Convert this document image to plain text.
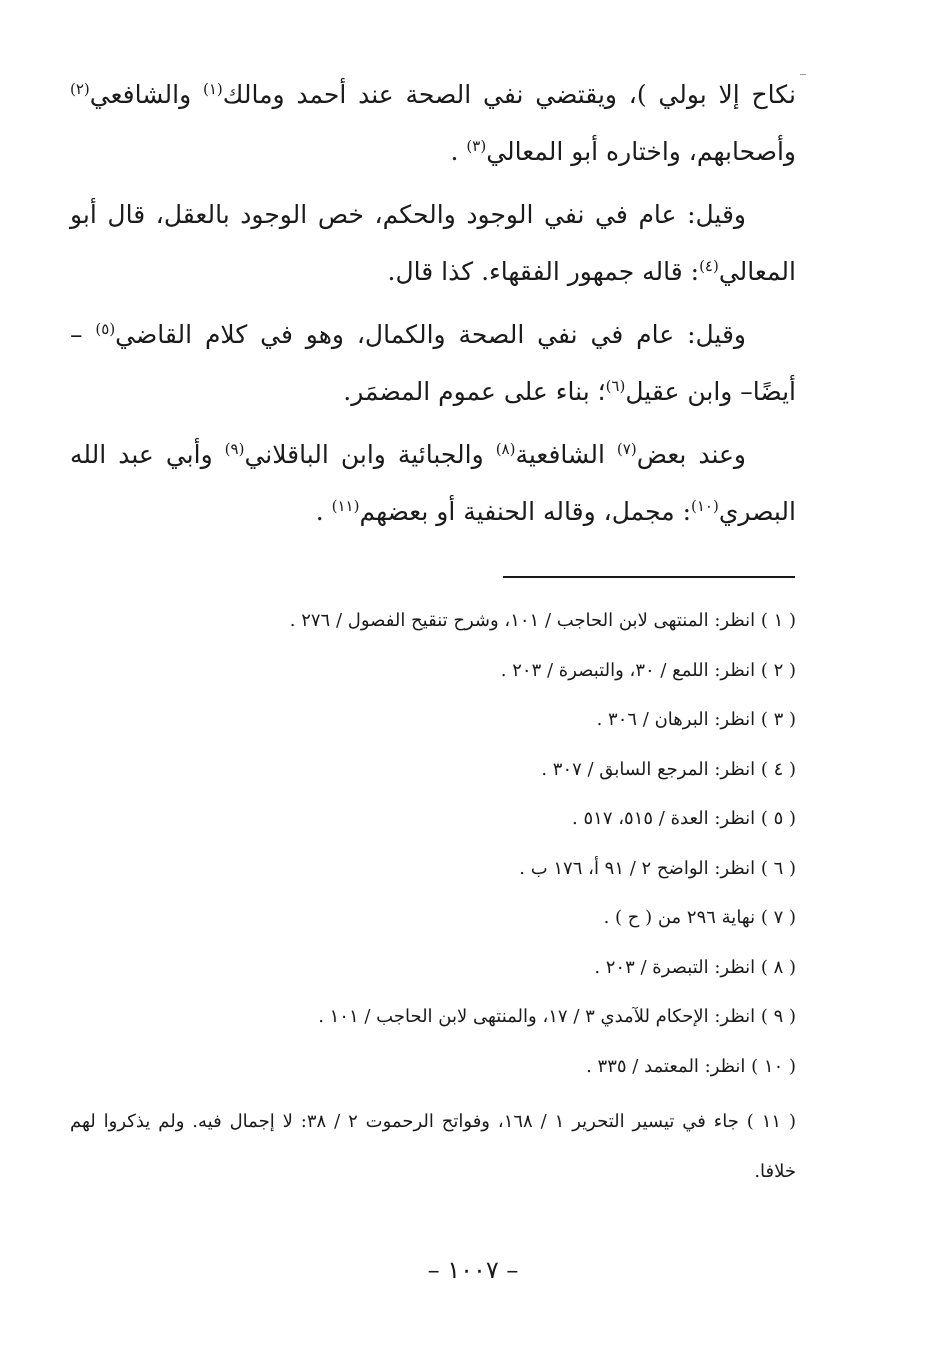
نكاح إلا بولي )، ويقتضي نفي الصحة عند أحمد ومالك$^{(١)}$ والشافعي$^{(٢)}$ وأصحابهم، واختاره أبو المعالي$^{(٣)}$ .

وقيل: عام في نفي الوجود والحكم، خص الوجود بالعقل، قال أبو المعالي$^{(٤)}$: قاله جمهور الفقهاء. كذا قال.

وقيل: عام في نفي الصحة والكمال، وهو في كلام القاضي$^{(٥)}$ –أيضًا– وابن عقيل$^{(٦)}$؛ بناء على عموم المضمَر.

وعند بعض$^{(٧)}$ الشافعية$^{(٨)}$ والجبائية وابن الباقلاني$^{(٩)}$ وأبي عبد الله البصري$^{(١٠)}$: مجمل، وقاله الحنفية أو بعضهم$^{(١١)}$ .

( ١ ) انظر: المنتهى لابن الحاجب / ١٠١، وشرح تنقيح الفصول / ٢٧٦ .
( ٢ ) انظر: اللمع / ٣٠، والتبصرة / ٢٠٣ .
( ٣ ) انظر: البرهان / ٣٠٦ .
( ٤ ) انظر: المرجع السابق / ٣٠٧ .
( ٥ ) انظر: العدة / ٥١٥، ٥١٧ .
( ٦ ) انظر: الواضح ٢ / ٩١ أ، ١٧٦ ب .
( ٧ ) نهاية ٢٩٦ من ( ح ) .
( ٨ ) انظر: التبصرة / ٢٠٣ .
( ٩ ) انظر: الإحكام للآمدي ٣ / ١٧، والمنتهى لابن الحاجب / ١٠١ .
( ١٠ ) انظر: المعتمد / ٣٣٥ .
( ١١ ) جاء في تيسير التحرير ١ / ١٦٨، وفواتح الرحموت ٢ / ٣٨: لا إجمال فيه. ولم يذكروا لهم خلافا.
– ١٠٠٧ –
